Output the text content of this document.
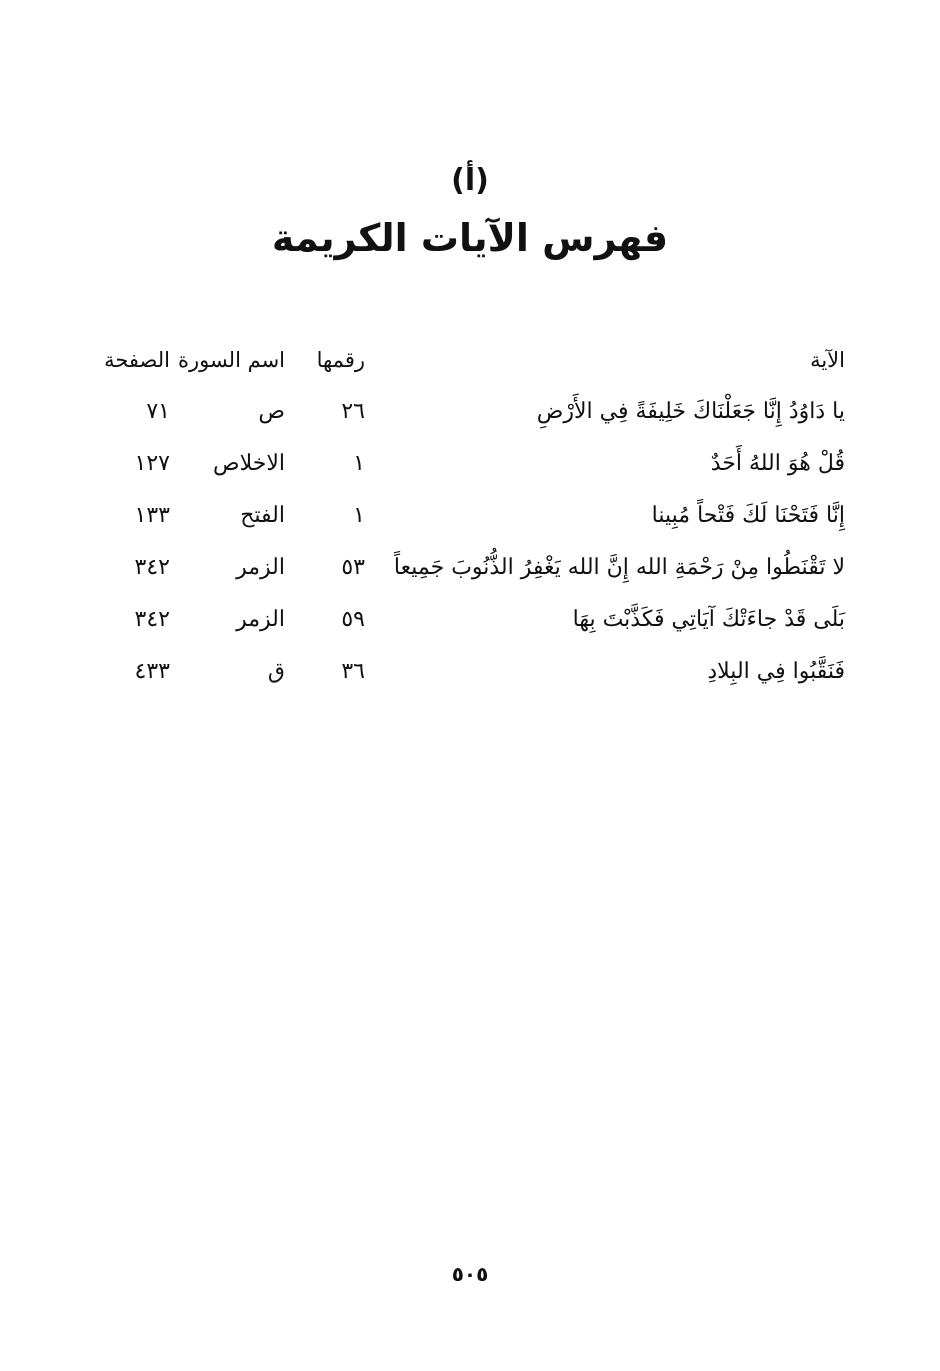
(أ)
فهرس الآيات الكريمة
الآية
رقمها
اسم السورة
الصفحة
يا دَاوُدُ إِنَّا جَعَلْنَاكَ خَلِيفَةً فِي الأَرْضِ
٢٦
ص
٧١
قُلْ هُوَ اللهُ أَحَدٌ
١
الاخلاص
١٢٧
إِنَّا فَتَحْنَا لَكَ فَتْحاً مُبِينا
١
الفتح
١٣٣
لا تَقْنَطُوا مِنْ رَحْمَةِ الله إِنَّ الله يَغْفِرُ الذُّنُوبَ جَمِيعاً
٥٣
الزمر
٣٤٢
بَلَى قَدْ جاءَتْكَ آيَاتِي فَكَذَّبْتَ بِهَا
٥٩
الزمر
٣٤٢
فَنَقَّبُوا فِي البِلادِ
٣٦
ق
٤٣٣
٥٠٥
